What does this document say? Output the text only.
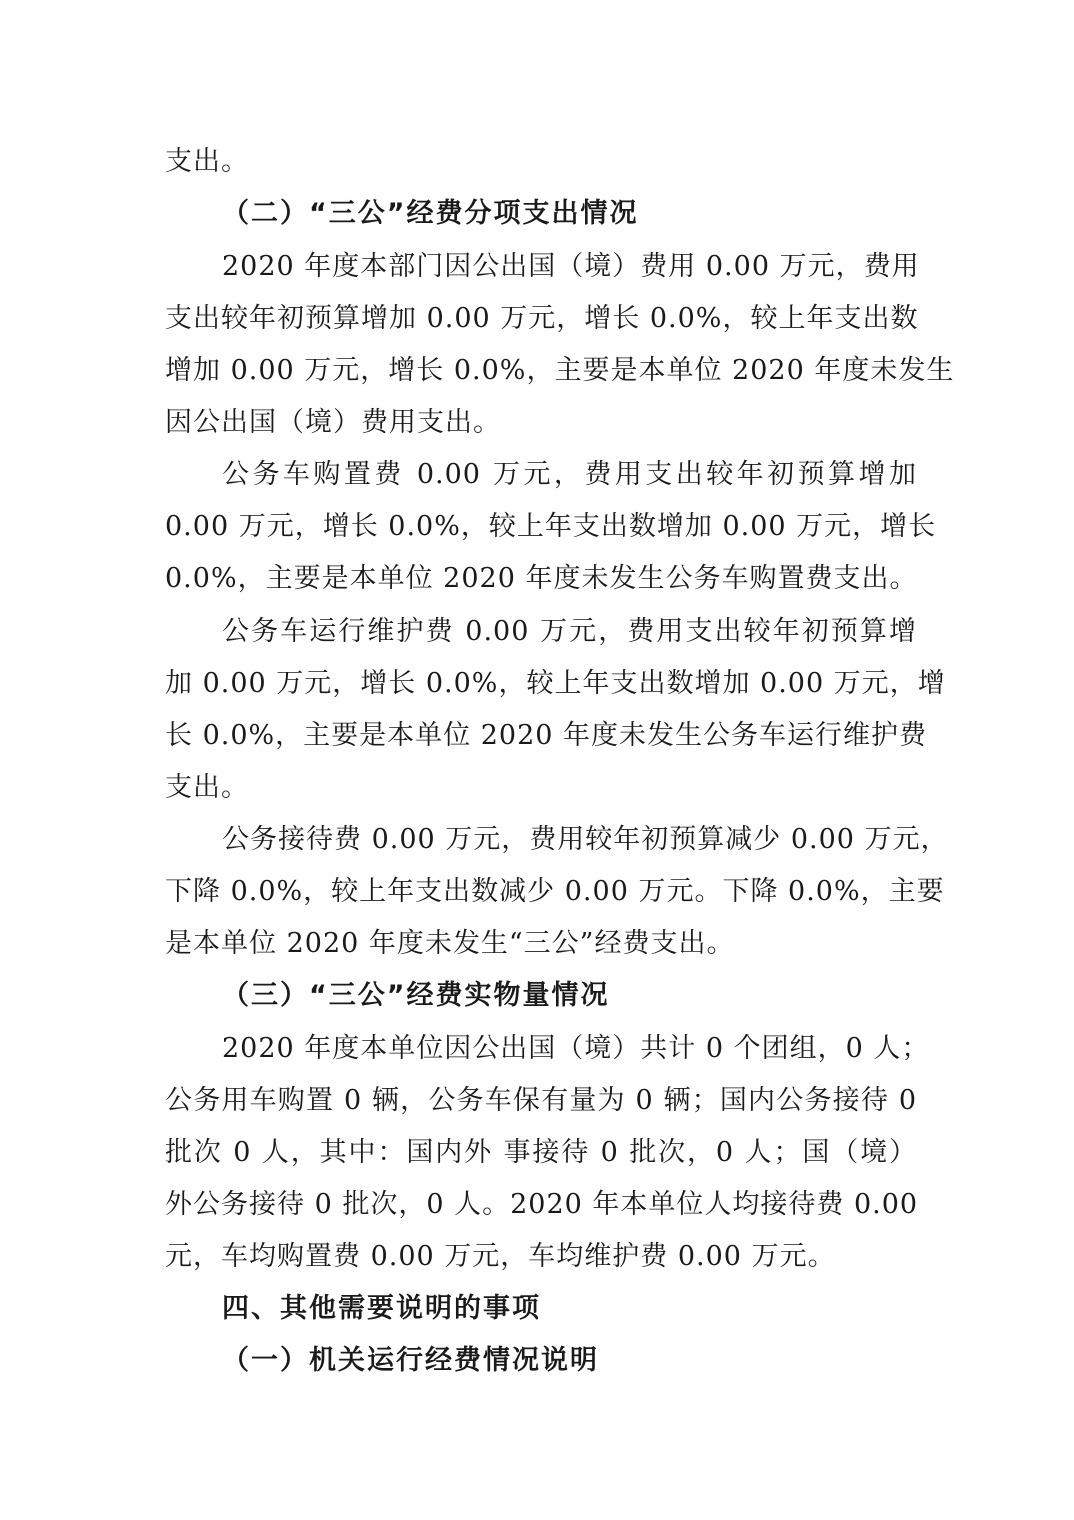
支出。
（二）“三公”经费分项支出情况
2020 年度本部门因公出国（境）费用 0.00 万元，费用
支出较年初预算增加 0.00 万元，增长 0.0%，较上年支出数
增加 0.00 万元，增长 0.0%，主要是本单位 2020 年度未发生
因公出国（境）费用支出。
公务车购置费 0.00 万元，费用支出较年初预算增加
0.00 万元，增长 0.0%，较上年支出数增加 0.00 万元，增长
0.0%，主要是本单位 2020 年度未发生公务车购置费支出。
公务车运行维护费 0.00 万元，费用支出较年初预算增
加 0.00 万元，增长 0.0%，较上年支出数增加 0.00 万元，增
长 0.0%，主要是本单位 2020 年度未发生公务车运行维护费
支出。
公务接待费 0.00 万元，费用较年初预算减少 0.00 万元，
下降 0.0%，较上年支出数减少 0.00 万元。下降 0.0%，主要
是本单位 2020 年度未发生“三公”经费支出。
（三）“三公”经费实物量情况
2020 年度本单位因公出国（境）共计 0 个团组，0 人；
公务用车购置 0 辆，公务车保有量为 0 辆；国内公务接待 0
批次 0 人，其中：国内外 事接待 0 批次，0 人；国（境）
外公务接待 0 批次，0 人。2020 年本单位人均接待费 0.00
元，车均购置费 0.00 万元，车均维护费 0.00 万元。
四、其他需要说明的事项
（一）机关运行经费情况说明
